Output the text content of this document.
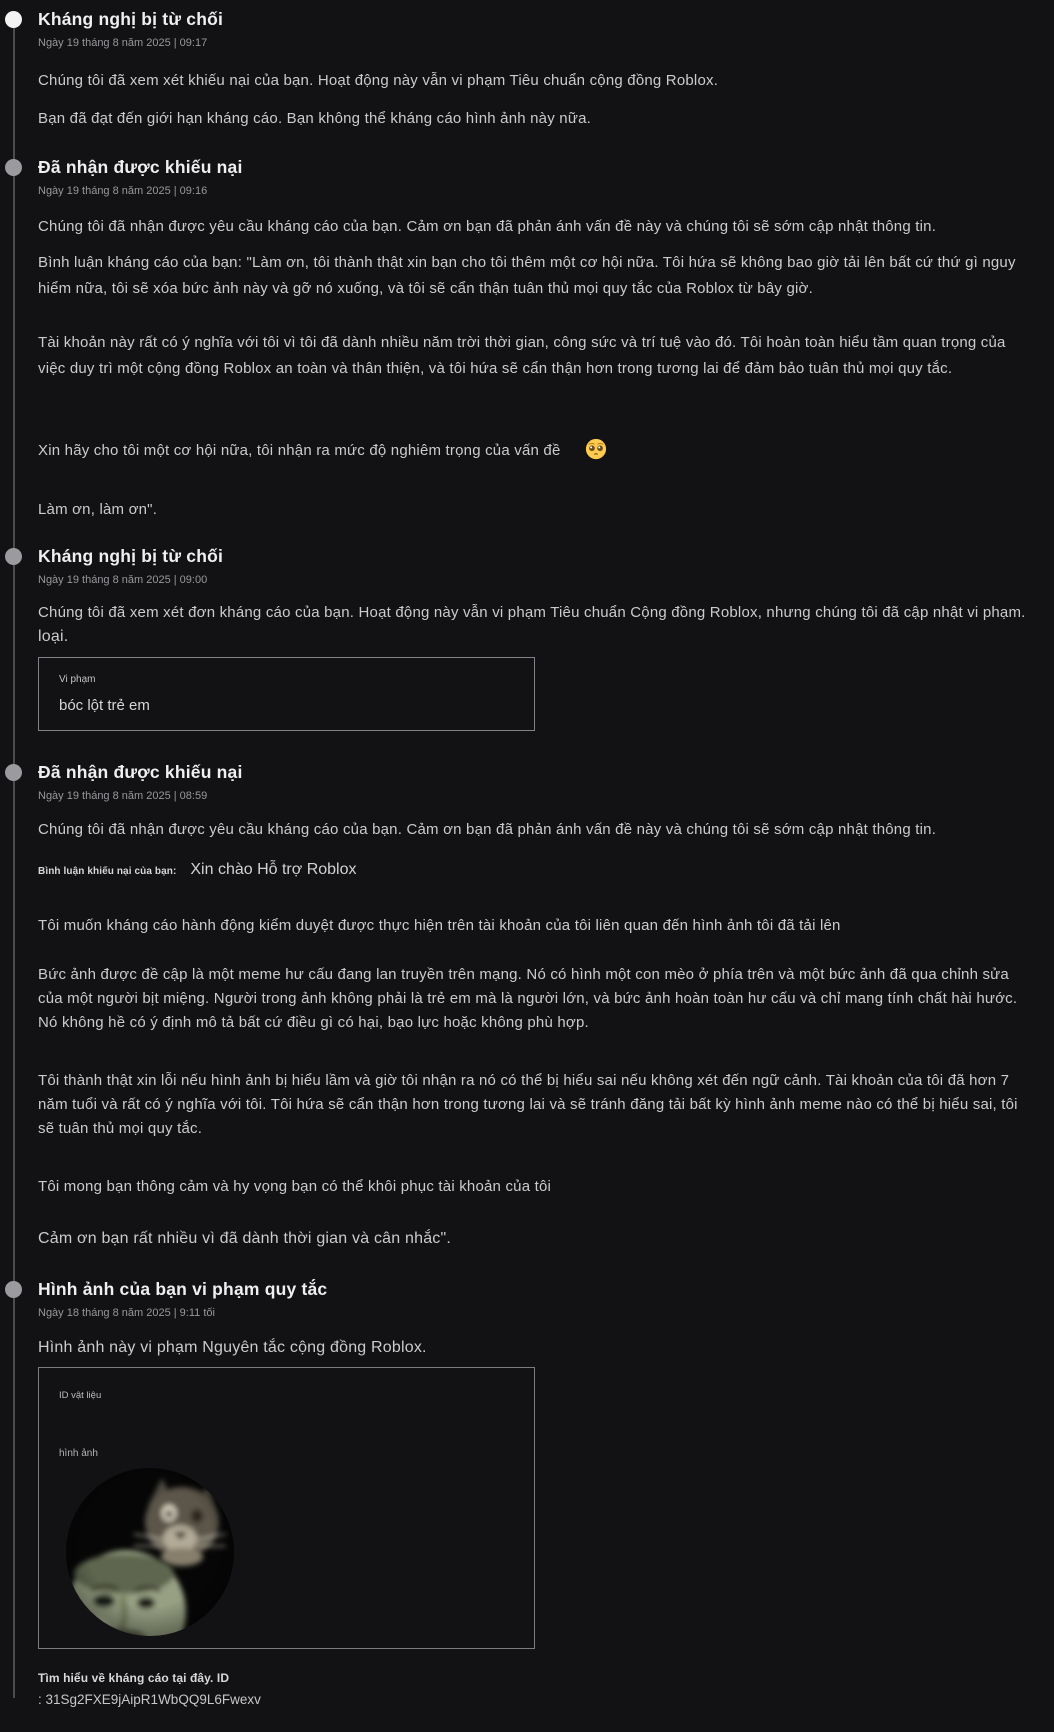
Kháng nghị bị từ chối
Ngày 19 tháng 8 năm 2025 | 09:17

Chúng tôi đã xem xét khiếu nại của bạn. Hoạt động này vẫn vi phạm Tiêu chuẩn cộng đồng Roblox.

Bạn đã đạt đến giới hạn kháng cáo. Bạn không thể kháng cáo hình ảnh này nữa.

Đã nhận được khiếu nại
Ngày 19 tháng 8 năm 2025 | 09:16

Chúng tôi đã nhận được yêu cầu kháng cáo của bạn. Cảm ơn bạn đã phản ánh vấn đề này và chúng tôi sẽ sớm cập nhật thông tin.

Bình luận kháng cáo của bạn: "Làm ơn, tôi thành thật xin bạn cho tôi thêm một cơ hội nữa. Tôi hứa sẽ không bao giờ tải lên bất cứ thứ gì nguy hiểm nữa, tôi sẽ xóa bức ảnh này và gỡ nó xuống, và tôi sẽ cẩn thận tuân thủ mọi quy tắc của Roblox từ bây giờ.

Tài khoản này rất có ý nghĩa với tôi vì tôi đã dành nhiều năm trời thời gian, công sức và trí tuệ vào đó. Tôi hoàn toàn hiểu tầm quan trọng của việc duy trì một cộng đồng Roblox an toàn và thân thiện, và tôi hứa sẽ cẩn thận hơn trong tương lai để đảm bảo tuân thủ mọi quy tắc.

Xin hãy cho tôi một cơ hội nữa, tôi nhận ra mức độ nghiêm trọng của vấn đề

Làm ơn, làm ơn".

Kháng nghị bị từ chối
Ngày 19 tháng 8 năm 2025 | 09:00

Chúng tôi đã xem xét đơn kháng cáo của bạn. Hoạt động này vẫn vi phạm Tiêu chuẩn Cộng đồng Roblox, nhưng chúng tôi đã cập nhật vi phạm.
loại.

Vi phạm
bóc lột trẻ em
Đã nhận được khiếu nại
Ngày 19 tháng 8 năm 2025 | 08:59

Chúng tôi đã nhận được yêu cầu kháng cáo của bạn. Cảm ơn bạn đã phản ánh vấn đề này và chúng tôi sẽ sớm cập nhật thông tin.

Bình luận khiếu nại của bạn: Xin chào Hỗ trợ Roblox

Tôi muốn kháng cáo hành động kiểm duyệt được thực hiện trên tài khoản của tôi liên quan đến hình ảnh tôi đã tải lên

Bức ảnh được đề cập là một meme hư cấu đang lan truyền trên mạng. Nó có hình một con mèo ở phía trên và một bức ảnh đã qua chỉnh sửa của một người bịt miệng. Người trong ảnh không phải là trẻ em mà là người lớn, và bức ảnh hoàn toàn hư cấu và chỉ mang tính chất hài hước. Nó không hề có ý định mô tả bất cứ điều gì có hại, bạo lực hoặc không phù hợp.

Tôi thành thật xin lỗi nếu hình ảnh bị hiểu lầm và giờ tôi nhận ra nó có thể bị hiểu sai nếu không xét đến ngữ cảnh. Tài khoản của tôi đã hơn 7 năm tuổi và rất có ý nghĩa với tôi. Tôi hứa sẽ cẩn thận hơn trong tương lai và sẽ tránh đăng tải bất kỳ hình ảnh meme nào có thể bị hiểu sai, tôi sẽ tuân thủ mọi quy tắc.

Tôi mong bạn thông cảm và hy vọng bạn có thể khôi phục tài khoản của tôi

Cảm ơn bạn rất nhiều vì đã dành thời gian và cân nhắc".

Hình ảnh của bạn vi phạm quy tắc
Ngày 18 tháng 8 năm 2025 | 9:11 tối

Hình ảnh này vi phạm Nguyên tắc cộng đồng Roblox.

ID vật liệu
hình ảnh
Tìm hiểu về kháng cáo tại đây. ID
: 31Sg2FXE9jAipR1WbQQ9L6Fwexv
